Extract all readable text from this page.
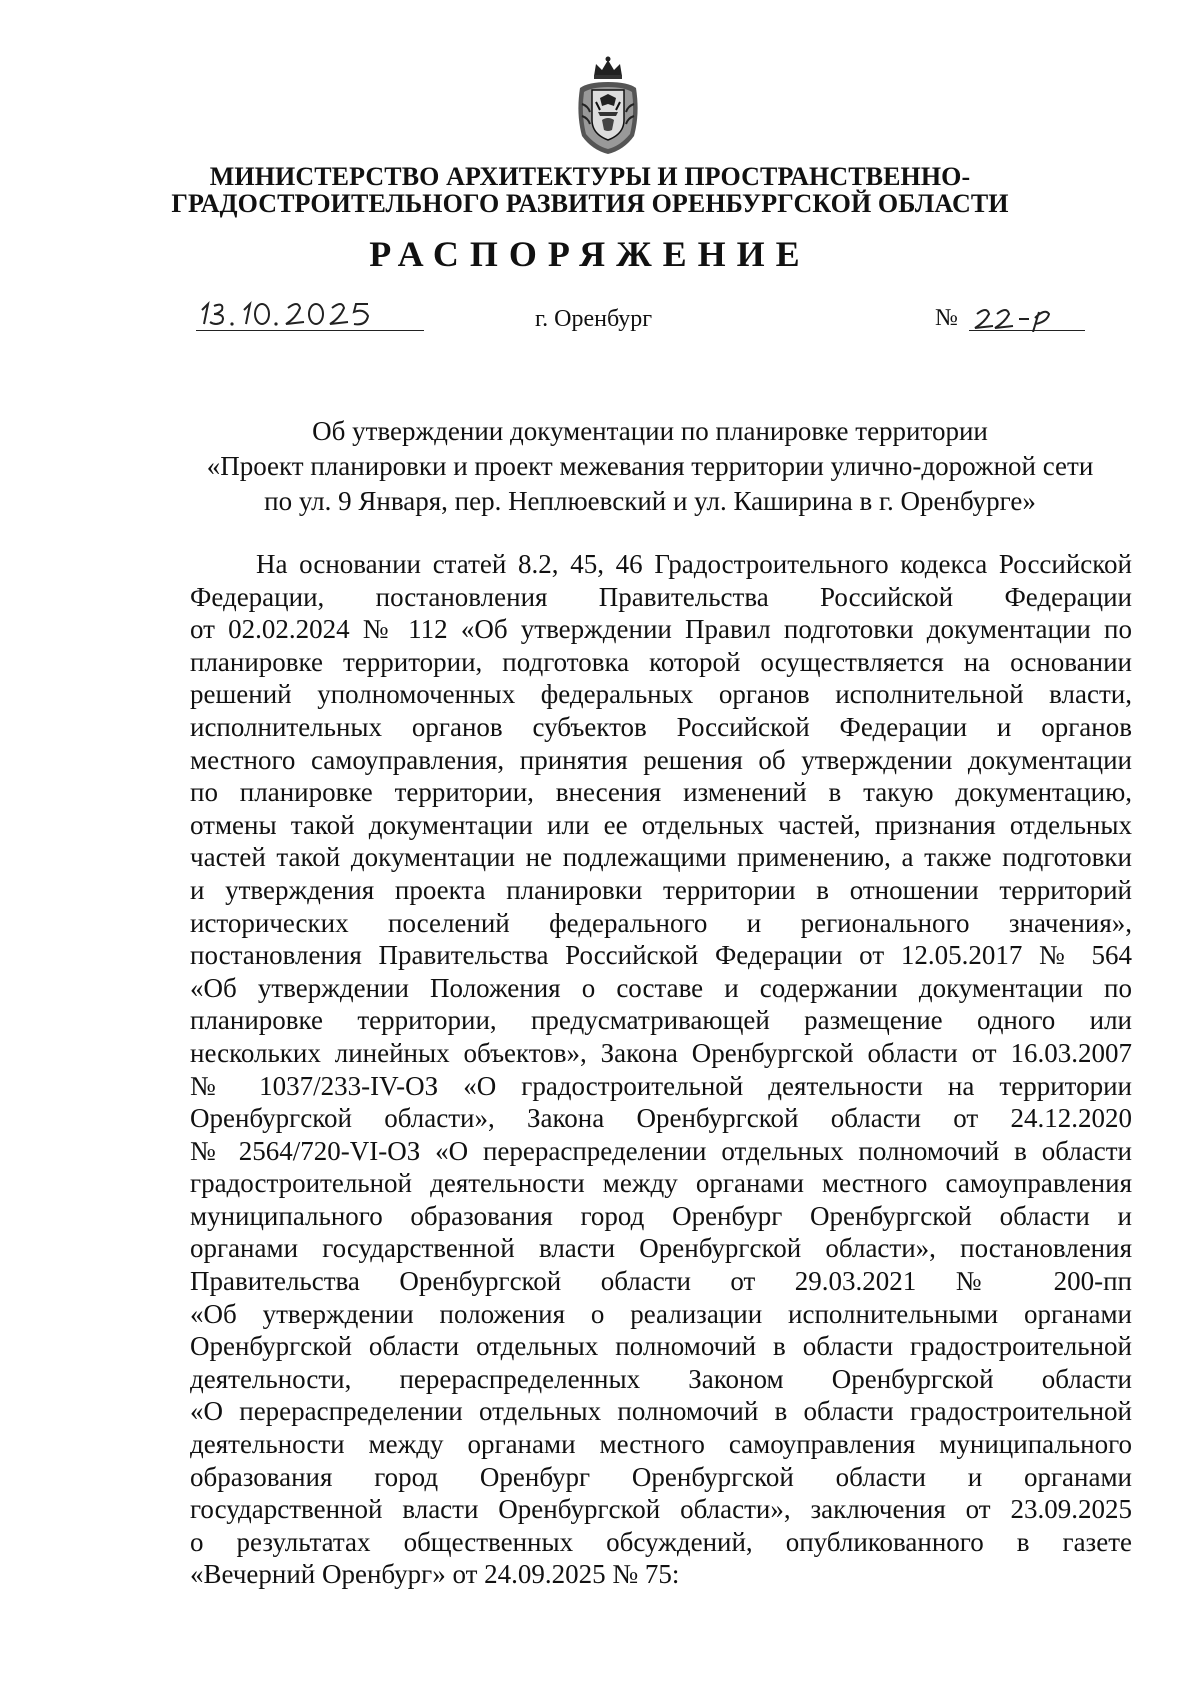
МИНИСТЕРСТВО АРХИТЕКТУРЫ И ПРОСТРАНСТВЕННО-
ГРАДОСТРОИТЕЛЬНОГО РАЗВИТИЯ ОРЕНБУРГСКОЙ ОБЛАСТИ
РАСПОРЯЖЕНИЕ
г. Оренбург	№
Об утверждении документации по планировке территории
«Проект планировки и проект межевания территории улично-дорожной сети
по ул. 9 Января, пер. Неплюевский и ул. Каширина в г. Оренбурге»
На основании статей 8.2, 45, 46 Градостроительного кодекса Российской
Федерации, постановления Правительства Российской Федерации
от 02.02.2024 № 112 «Об утверждении Правил подготовки документации по
планировке территории, подготовка которой осуществляется на основании
решений уполномоченных федеральных органов исполнительной власти,
исполнительных органов субъектов Российской Федерации и органов
местного самоуправления, принятия решения об утверждении документации
по планировке территории, внесения изменений в такую документацию,
отмены такой документации или ее отдельных частей, признания отдельных
частей такой документации не подлежащими применению, а также подготовки
и утверждения проекта планировки территории в отношении территорий
исторических поселений федерального и регионального значения»,
постановления Правительства Российской Федерации от 12.05.2017 № 564
«Об утверждении Положения о составе и содержании документации по
планировке территории, предусматривающей размещение одного или
нескольких линейных объектов», Закона Оренбургской области от 16.03.2007
№ 1037/233-IV-ОЗ «О градостроительной деятельности на территории
Оренбургской области», Закона Оренбургской области от 24.12.2020
№ 2564/720-VI-ОЗ «О перераспределении отдельных полномочий в области
градостроительной деятельности между органами местного самоуправления
муниципального образования город Оренбург Оренбургской области и
органами государственной власти Оренбургской области», постановления
Правительства Оренбургской области от 29.03.2021 № 200-пп
«Об утверждении положения о реализации исполнительными органами
Оренбургской области отдельных полномочий в области градостроительной
деятельности, перераспределенных Законом Оренбургской области
«О перераспределении отдельных полномочий в области градостроительной
деятельности между органами местного самоуправления муниципального
образования город Оренбург Оренбургской области и органами
государственной власти Оренбургской области», заключения от 23.09.2025
о результатах общественных обсуждений, опубликованного в газете
«Вечерний Оренбург» от 24.09.2025 № 75:
